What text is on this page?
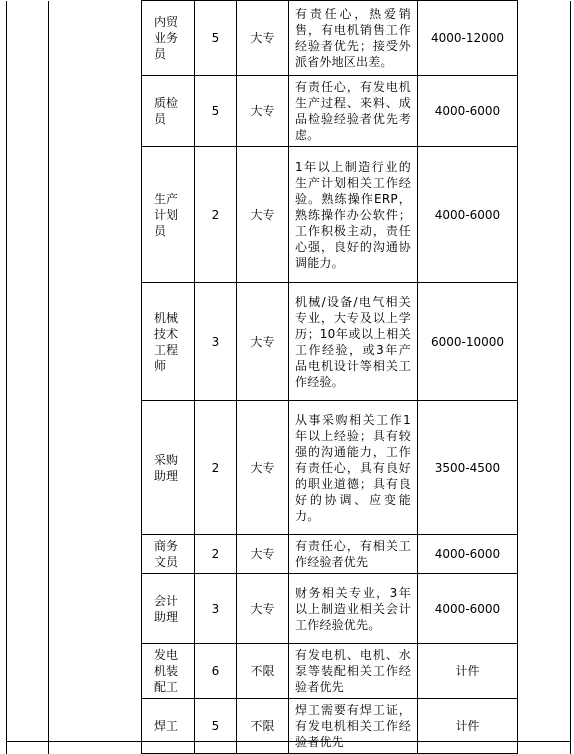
		内贸业务员	5	大专	有责任心，热爱销售，有电机销售工作经验者优先；接受外派省外地区出差。	4000-12000	
		质检员	5	大专	有责任心，有发电机生产过程、来料、成品检验经验者优先考虑。	4000-6000	
		生产计划员	2	大专	1年以上制造行业的生产计划相关工作经验。熟练操作ERP，熟练操作办公软件；工作积极主动，责任心强，良好的沟通协调能力。	4000-6000	
		机械技术工程师	3	大专	机械/设备/电气相关专业，大专及以上学历；10年或以上相关工作经验，或3年产品电机设计等相关工作经验。	6000-10000	
		采购助理	2	大专	从事采购相关工作1年以上经验；具有较强的沟通能力，工作有责任心，具有良好的职业道德；具有良好的协调、应变能力。	3500-4500	
		商务文员	2	大专	有责任心，有相关工作经验者优先	4000-6000	
		会计助理	3	大专	财务相关专业，3年以上制造业相关会计工作经验优先。	4000-6000	
		发电机装配工	6	不限	有发电机、电机、水泵等装配相关工作经验者优先	计件	
		焊工	5	不限	焊工需要有焊工证，有发电机相关工作经验者优先	计件	
